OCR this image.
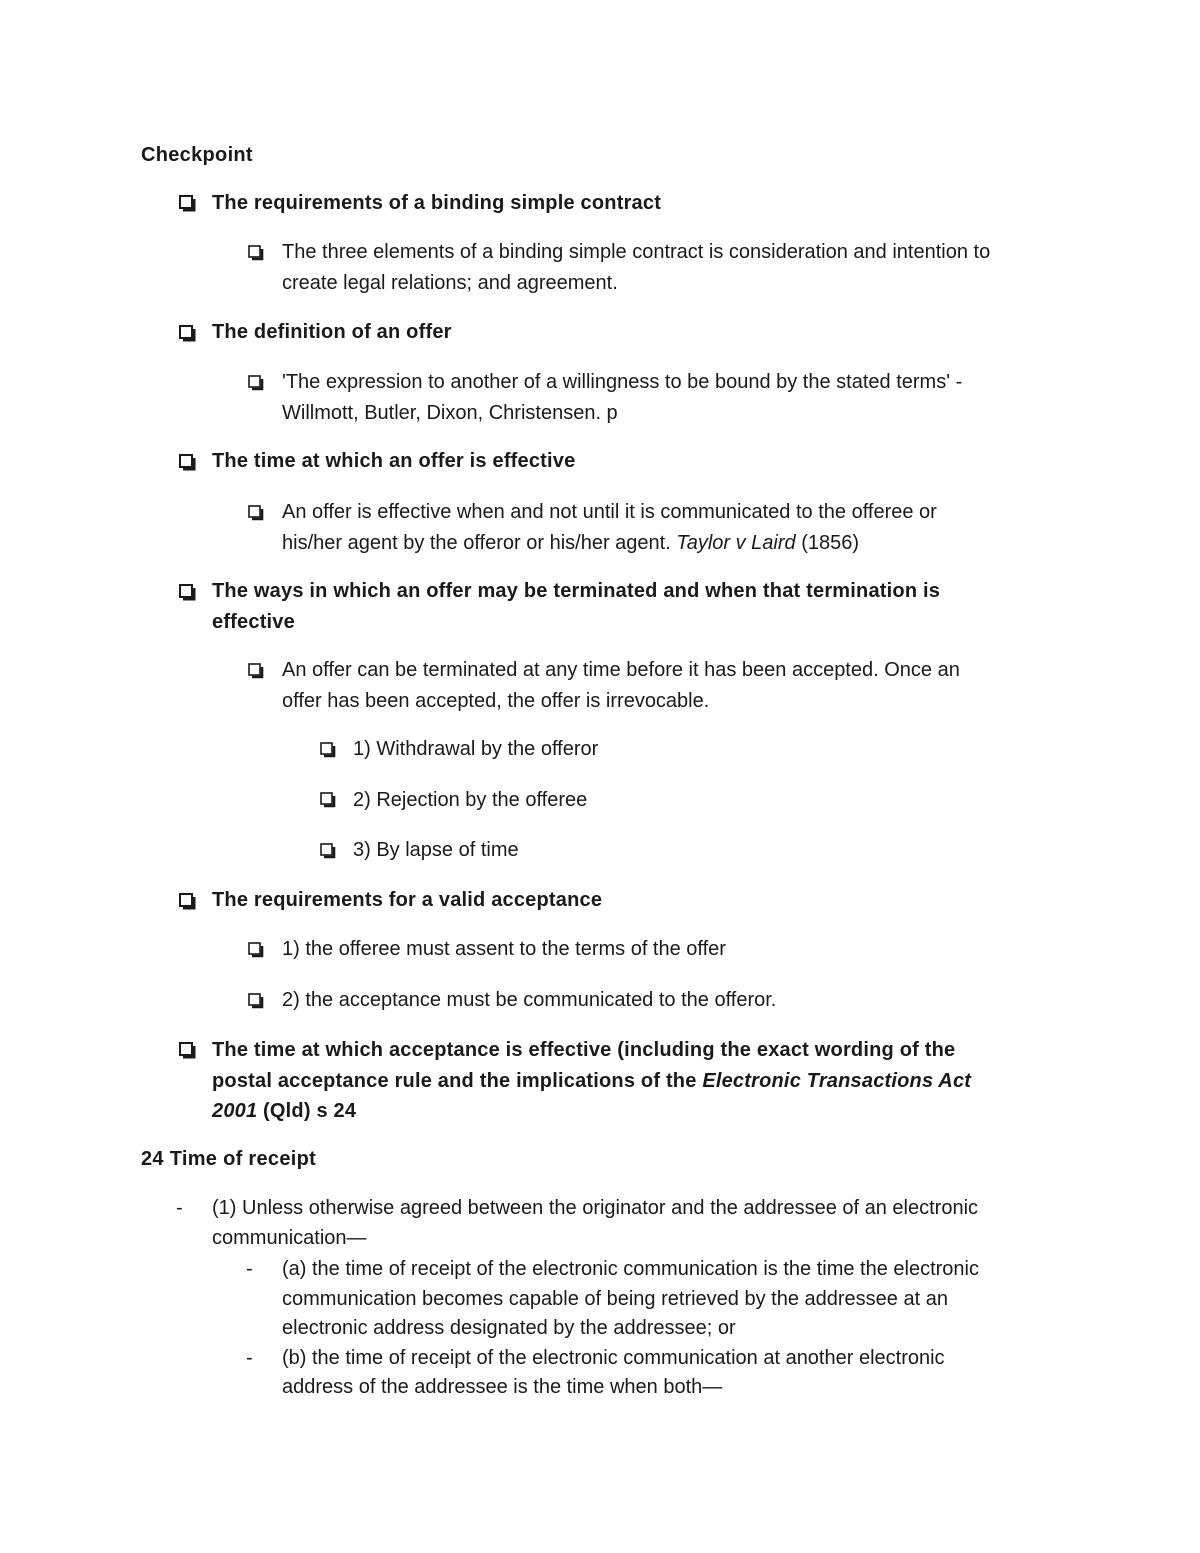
Checkpoint
The requirements of a binding simple contract
The three elements of a binding simple contract is consideration and intention to
create legal relations; and agreement.
The definition of an offer
'The expression to another of a willingness to be bound by the stated terms' -
Willmott, Butler, Dixon, Christensen. p
The time at which an offer is effective
An offer is effective when and not until it is communicated to the offeree or
his/her agent by the offeror or his/her agent. Taylor v Laird (1856)
The ways in which an offer may be terminated and when that termination is
effective
An offer can be terminated at any time before it has been accepted. Once an
offer has been accepted, the offer is irrevocable.
1) Withdrawal by the offeror
2) Rejection by the offeree
3) By lapse of time
The requirements for a valid acceptance
1) the offeree must assent to the terms of the offer
2) the acceptance must be communicated to the offeror.
The time at which acceptance is effective (including the exact wording of the
postal acceptance rule and the implications of the Electronic Transactions Act
2001 (Qld) s 24
24 Time of receipt
- (1) Unless otherwise agreed between the originator and the addressee of an electronic
communication—
- (a) the time of receipt of the electronic communication is the time the electronic
communication becomes capable of being retrieved by the addressee at an
electronic address designated by the addressee; or
- (b) the time of receipt of the electronic communication at another electronic
address of the addressee is the time when both—
